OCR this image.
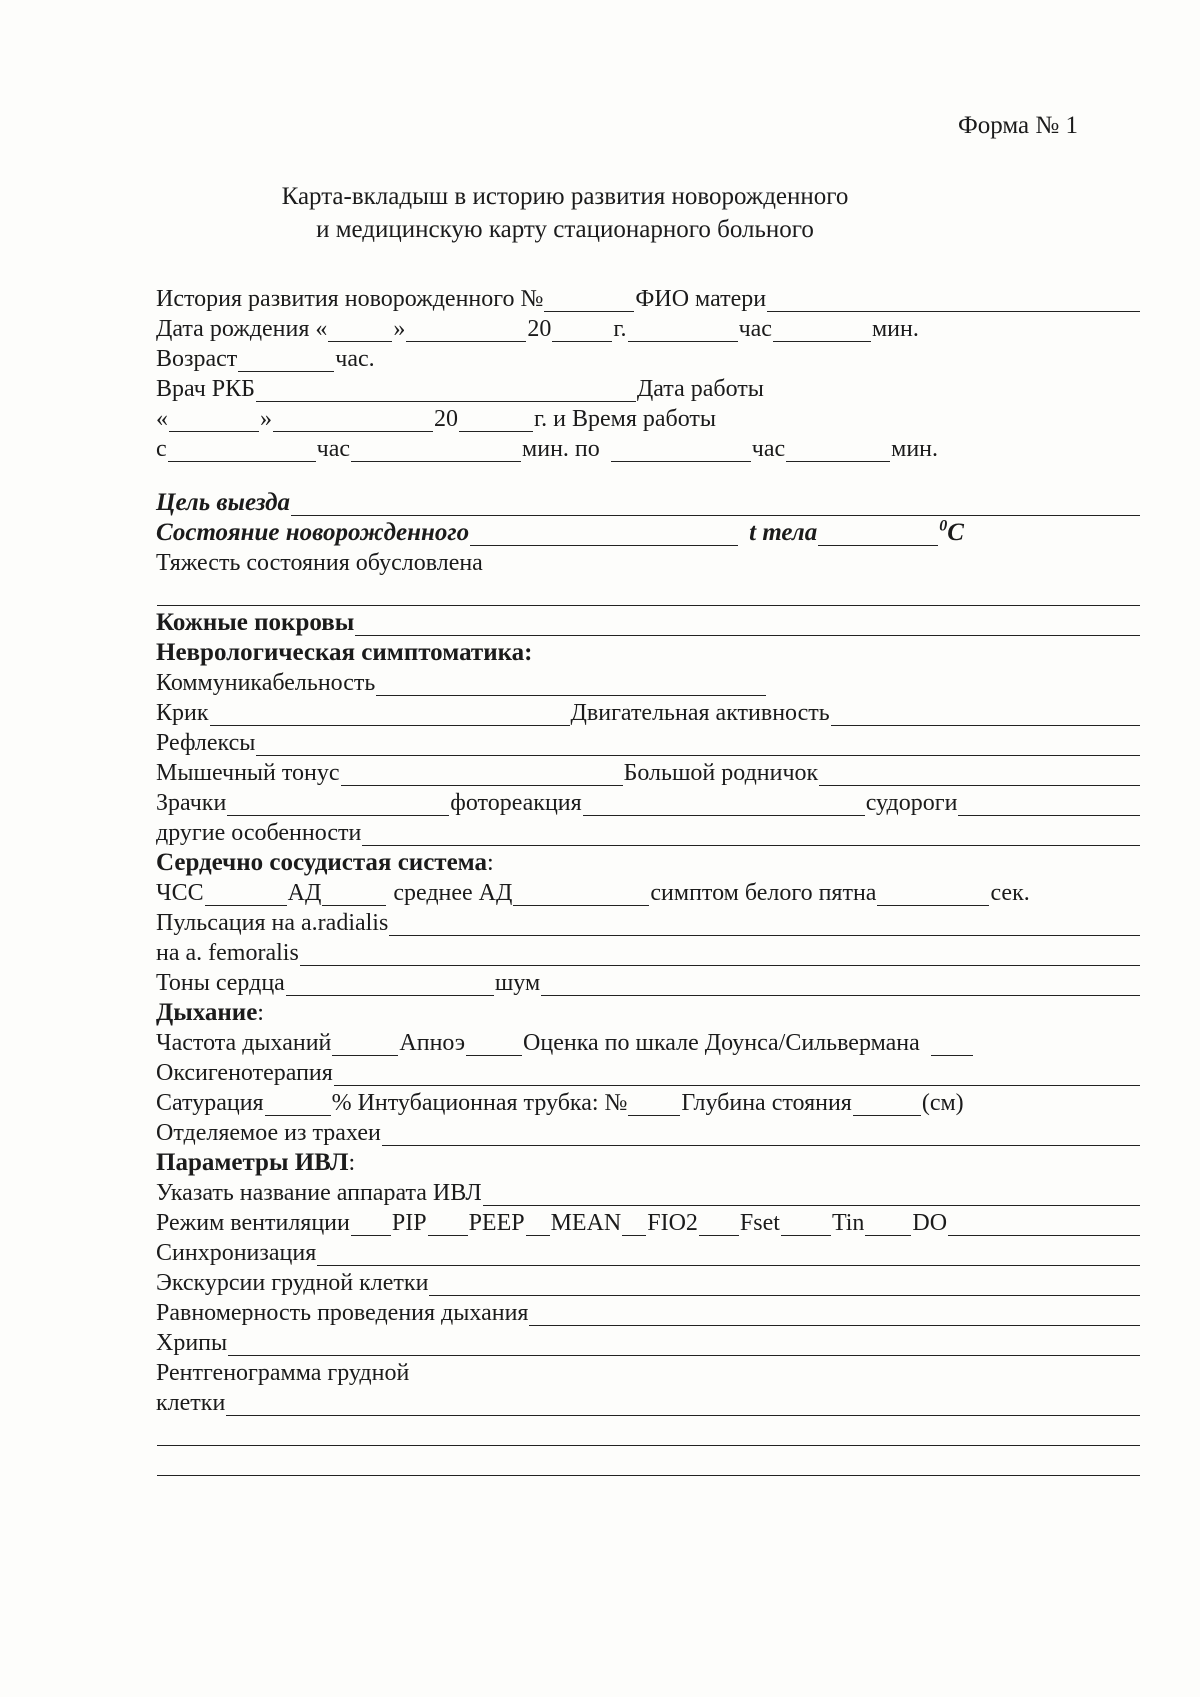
Форма № 1
Карта-вкладыш в историю развития новорожденного
и медицинскую карту стационарного больного
История развития новорожденного №	ФИО матери
Дата рождения «	»	20	г.	час	мин.
Возраст	час.
Врач РКБ	Дата работы
«	»	20	г. и Время работы
с	час	мин. по	час	мин.
Цель выезда
Состояние новорожденного	t тела	$^0$C
Тяжесть состояния обусловлена
Кожные покровы
Неврологическая симптоматика:
Коммуникабельность
Крик	Двигательная активность
Рефлексы
Мышечный тонус	Большой родничок
Зрачки	фотореакция	судороги
другие особенности
Сердечно сосудистая система :
ЧСС	АД	среднее АД	симптом белого пятна	сек.
Пульсация на a.radialis
на а. femoralis
Тоны сердца	шум
Дыхание :
Частота дыханий	Апноэ Оценка по шкале Доунса/Сильвермана
Оксигенотерапия
Сатурация	% Интубационная трубка: № Глубина стояния	(см)
Отделяемое из трахеи
Параметры ИВЛ :
Указать название аппарата ИВЛ
Режим вентиляции PIP PEEP MEAN FIO2 Fset Tin DO
Синхронизация
Экскурсии грудной клетки
Равномерность проведения дыхания
Хрипы
Рентгенограмма грудной
клетки
